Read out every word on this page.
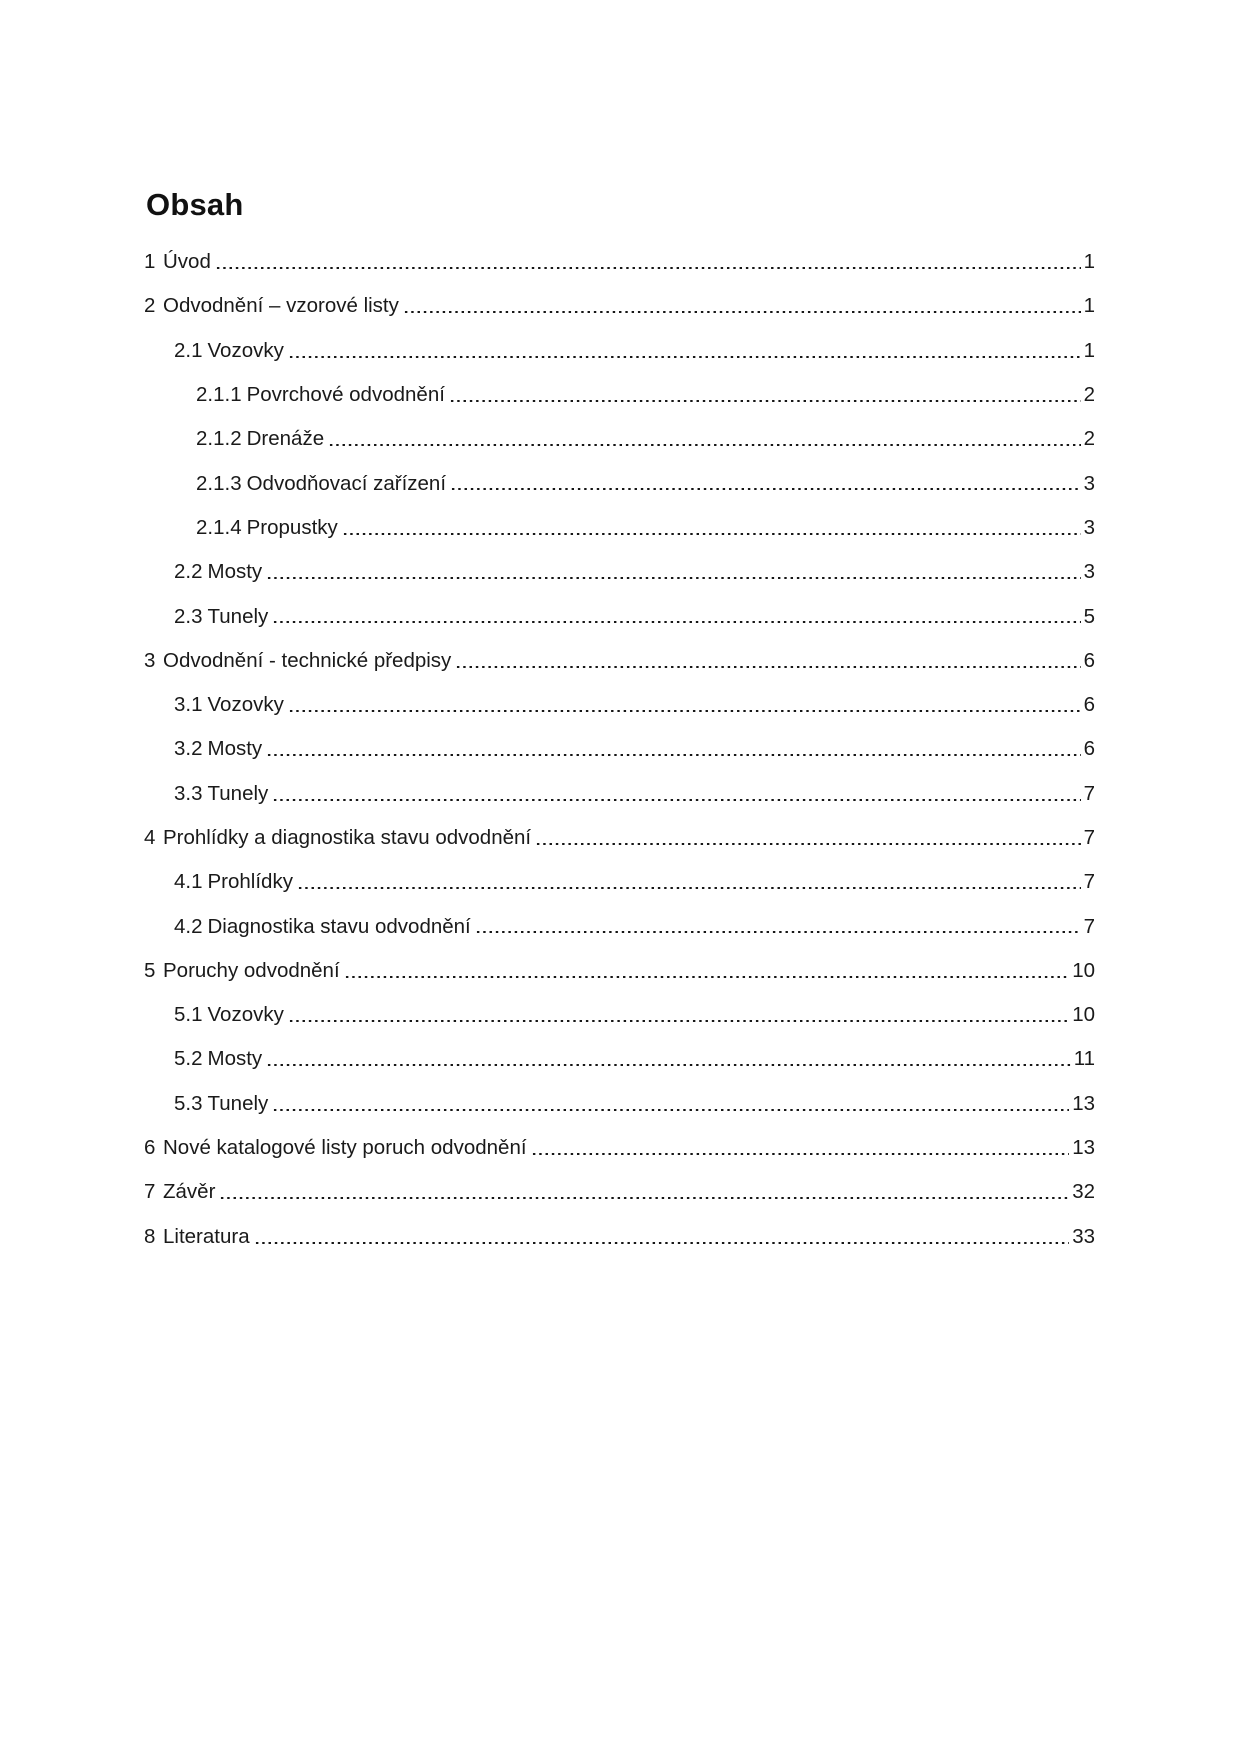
Obsah
1 Úvod	1
2 Odvodnění – vzorové listy	1
2.1 Vozovky	1
2.1.1 Povrchové odvodnění	2
2.1.2 Drenáže	2
2.1.3 Odvodňovací zařízení	3
2.1.4 Propustky	3
2.2 Mosty	3
2.3 Tunely	5
3 Odvodnění - technické předpisy	6
3.1 Vozovky	6
3.2 Mosty	6
3.3 Tunely	7
4 Prohlídky a diagnostika stavu odvodnění	7
4.1 Prohlídky	7
4.2 Diagnostika stavu odvodnění	7
5 Poruchy odvodnění	10
5.1 Vozovky	10
5.2 Mosty	11
5.3 Tunely	13
6 Nové katalogové listy poruch odvodnění	13
7 Závěr	32
8 Literatura	33
